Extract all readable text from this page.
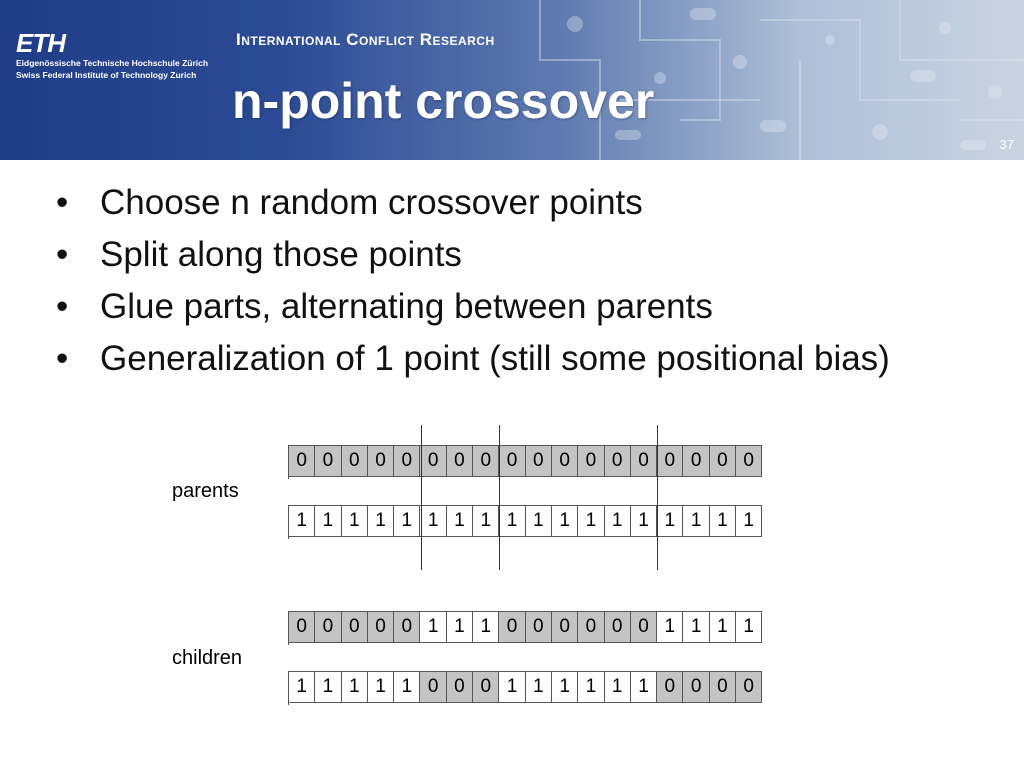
ETH
Eidgenössische Technische Hochschule Zürich
Swiss Federal Institute of Technology Zurich
International Conflict Research
n-point crossover
37
• Choose n random crossover points
• Split along those points
• Glue parts, alternating between parents
• Generalization of 1 point (still some positional bias)
parents
children
0 0 0 0 0 0 0 0 0 0 0 0 0 0 0 0 0 0
1 1 1 1 1 1 1 1 1 1 1 1 1 1 1 1 1 1
0 0 0 0 0 1 1 1 0 0 0 0 0 0 1 1 1 1
1 1 1 1 1 0 0 0 1 1 1 1 1 1 0 0 0 0
